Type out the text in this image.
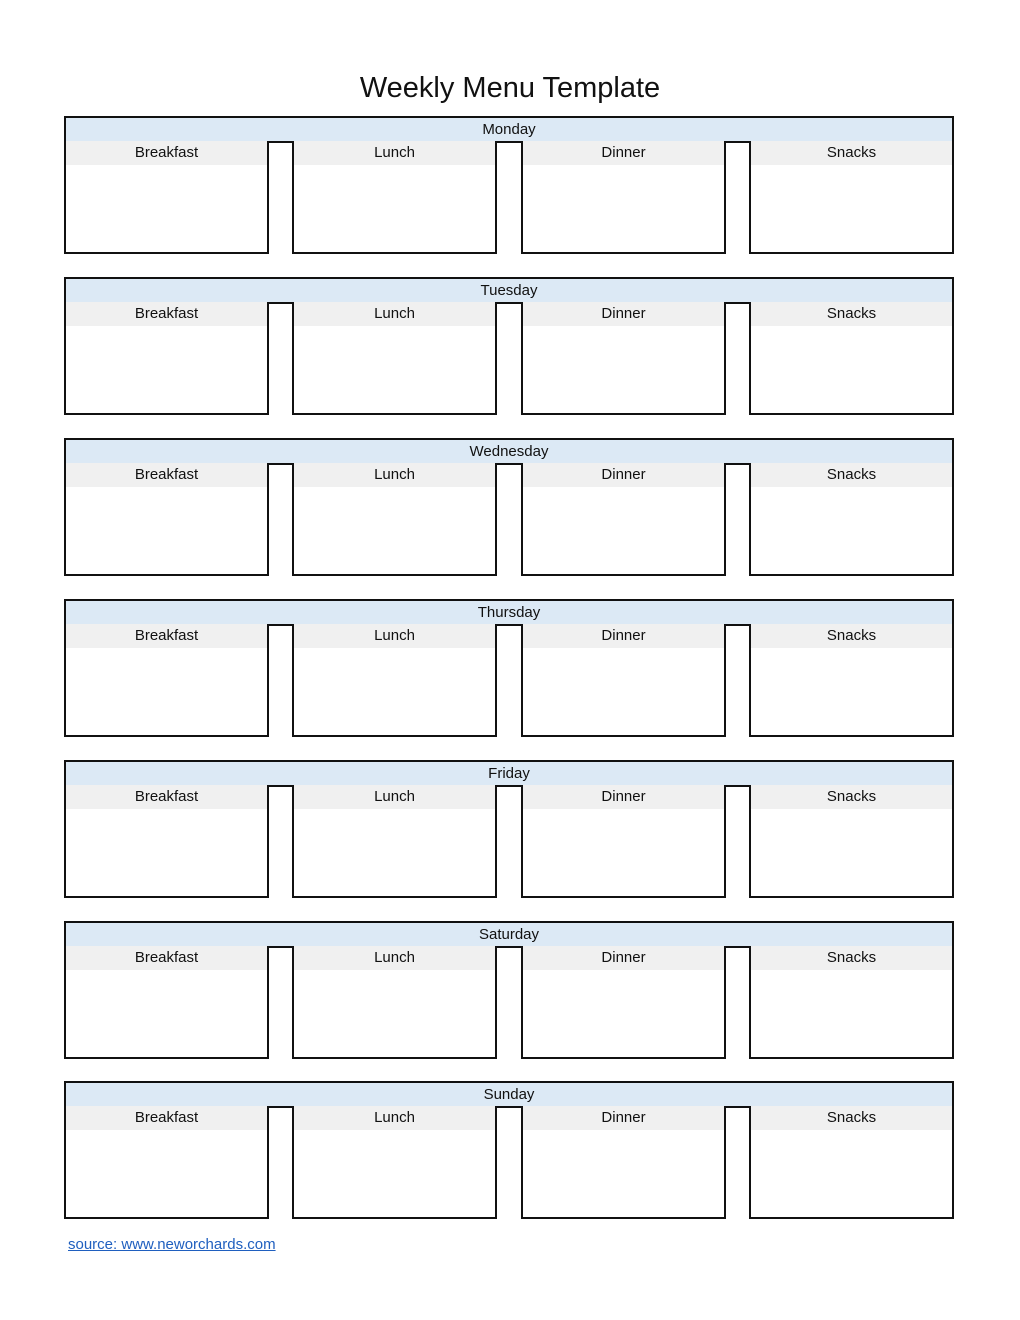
Weekly Menu Template
Monday
Breakfast	Lunch	Dinner	Snacks
Tuesday
Breakfast	Lunch	Dinner	Snacks
Wednesday
Breakfast	Lunch	Dinner	Snacks
Thursday
Breakfast	Lunch	Dinner	Snacks
Friday
Breakfast	Lunch	Dinner	Snacks
Saturday
Breakfast	Lunch	Dinner	Snacks
Sunday
Breakfast	Lunch	Dinner	Snacks
source: www.neworchards.com
